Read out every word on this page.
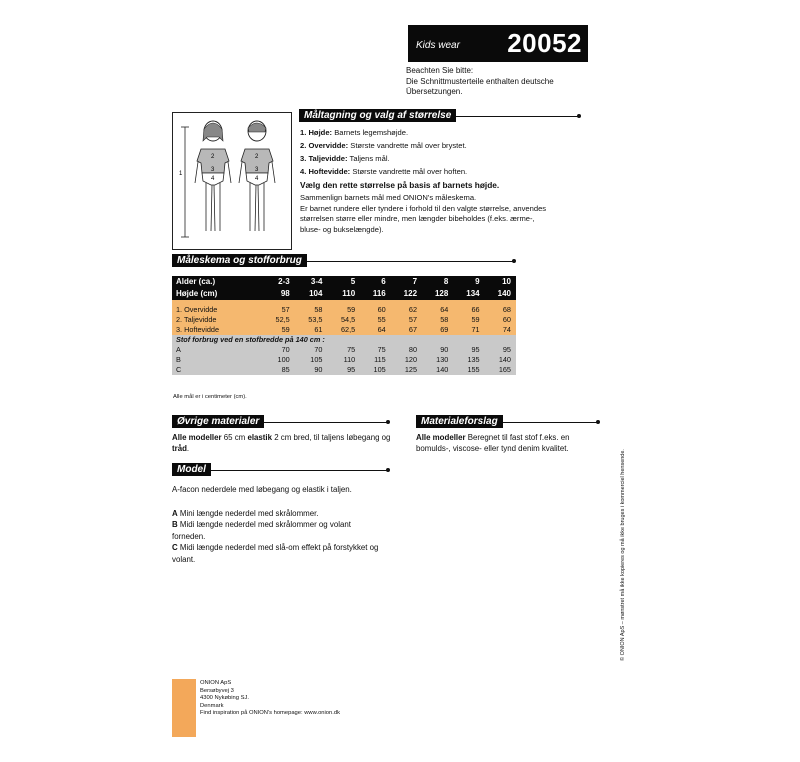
Kids wear 20052
Beachten Sie bitte:
Die Schnittmusterteile enthalten deutsche
Übersetzungen.
Måltagning og valg af størrelse
1
2
3
4
2
3
4
1. Højde: Barnets legemshøjde.
2. Overvidde: Største vandrette mål over brystet.
3. Taljevidde: Taljens mål.
4. Hoftevidde: Største vandrette mål over hoften.
Vælg den rette størrelse på basis af barnets højde.
Sammenlign barnets mål med ONION's måleskema.
Er barnet rundere eller tyndere i forhold til den valgte størrelse, anvendes
størrelsen større eller mindre, men længder bibeholdes (f.eks. ærme-,
bluse- og bukselængde).
Måleskema og stofforbrug
Alder (ca.)	2-3	3-4	5	6	7	8	9	10
Højde (cm)	98	104	110	116	122	128	134	140

1. Overvidde	57	58	59	60	62	64	66	68
2. Taljevidde	52,5	53,5	54,5	55	57	58	59	60
3. Hoftevidde	59	61	62,5	64	67	69	71	74
Stof forbrug ved en stofbredde på 140 cm :								
A	70	70	75	75	80	90	95	95
B	100	105	110	115	120	130	135	140
C	85	90	95	105	125	140	155	165
Alle mål er i centimeter (cm).
Øvrige materialer
Alle modeller 65 cm elastik 2 cm bred, til taljens løbegang og
tråd.
Materialeforslag
Alle modeller Beregnet til fast stof f.eks. en
bomulds-, viscose- eller tynd denim kvalitet.
Model
A-facon nederdele med løbegang og elastik i taljen.
A Mini længde nederdel med skrålommer.
B Midi længde nederdel med skrålommer og volant
forneden.
C Midi længde nederdel med slå-om effekt på forstykket og
volant.
ONION ApS
Bersøbyvej 3
4300 Nykøbing SJ.
Denmark
Find inspiration på ONION's homepage: www.onion.dk
© ONION ApS – mønstret må ikke kopieres og må ikke bruges i kommerciel hensende.
